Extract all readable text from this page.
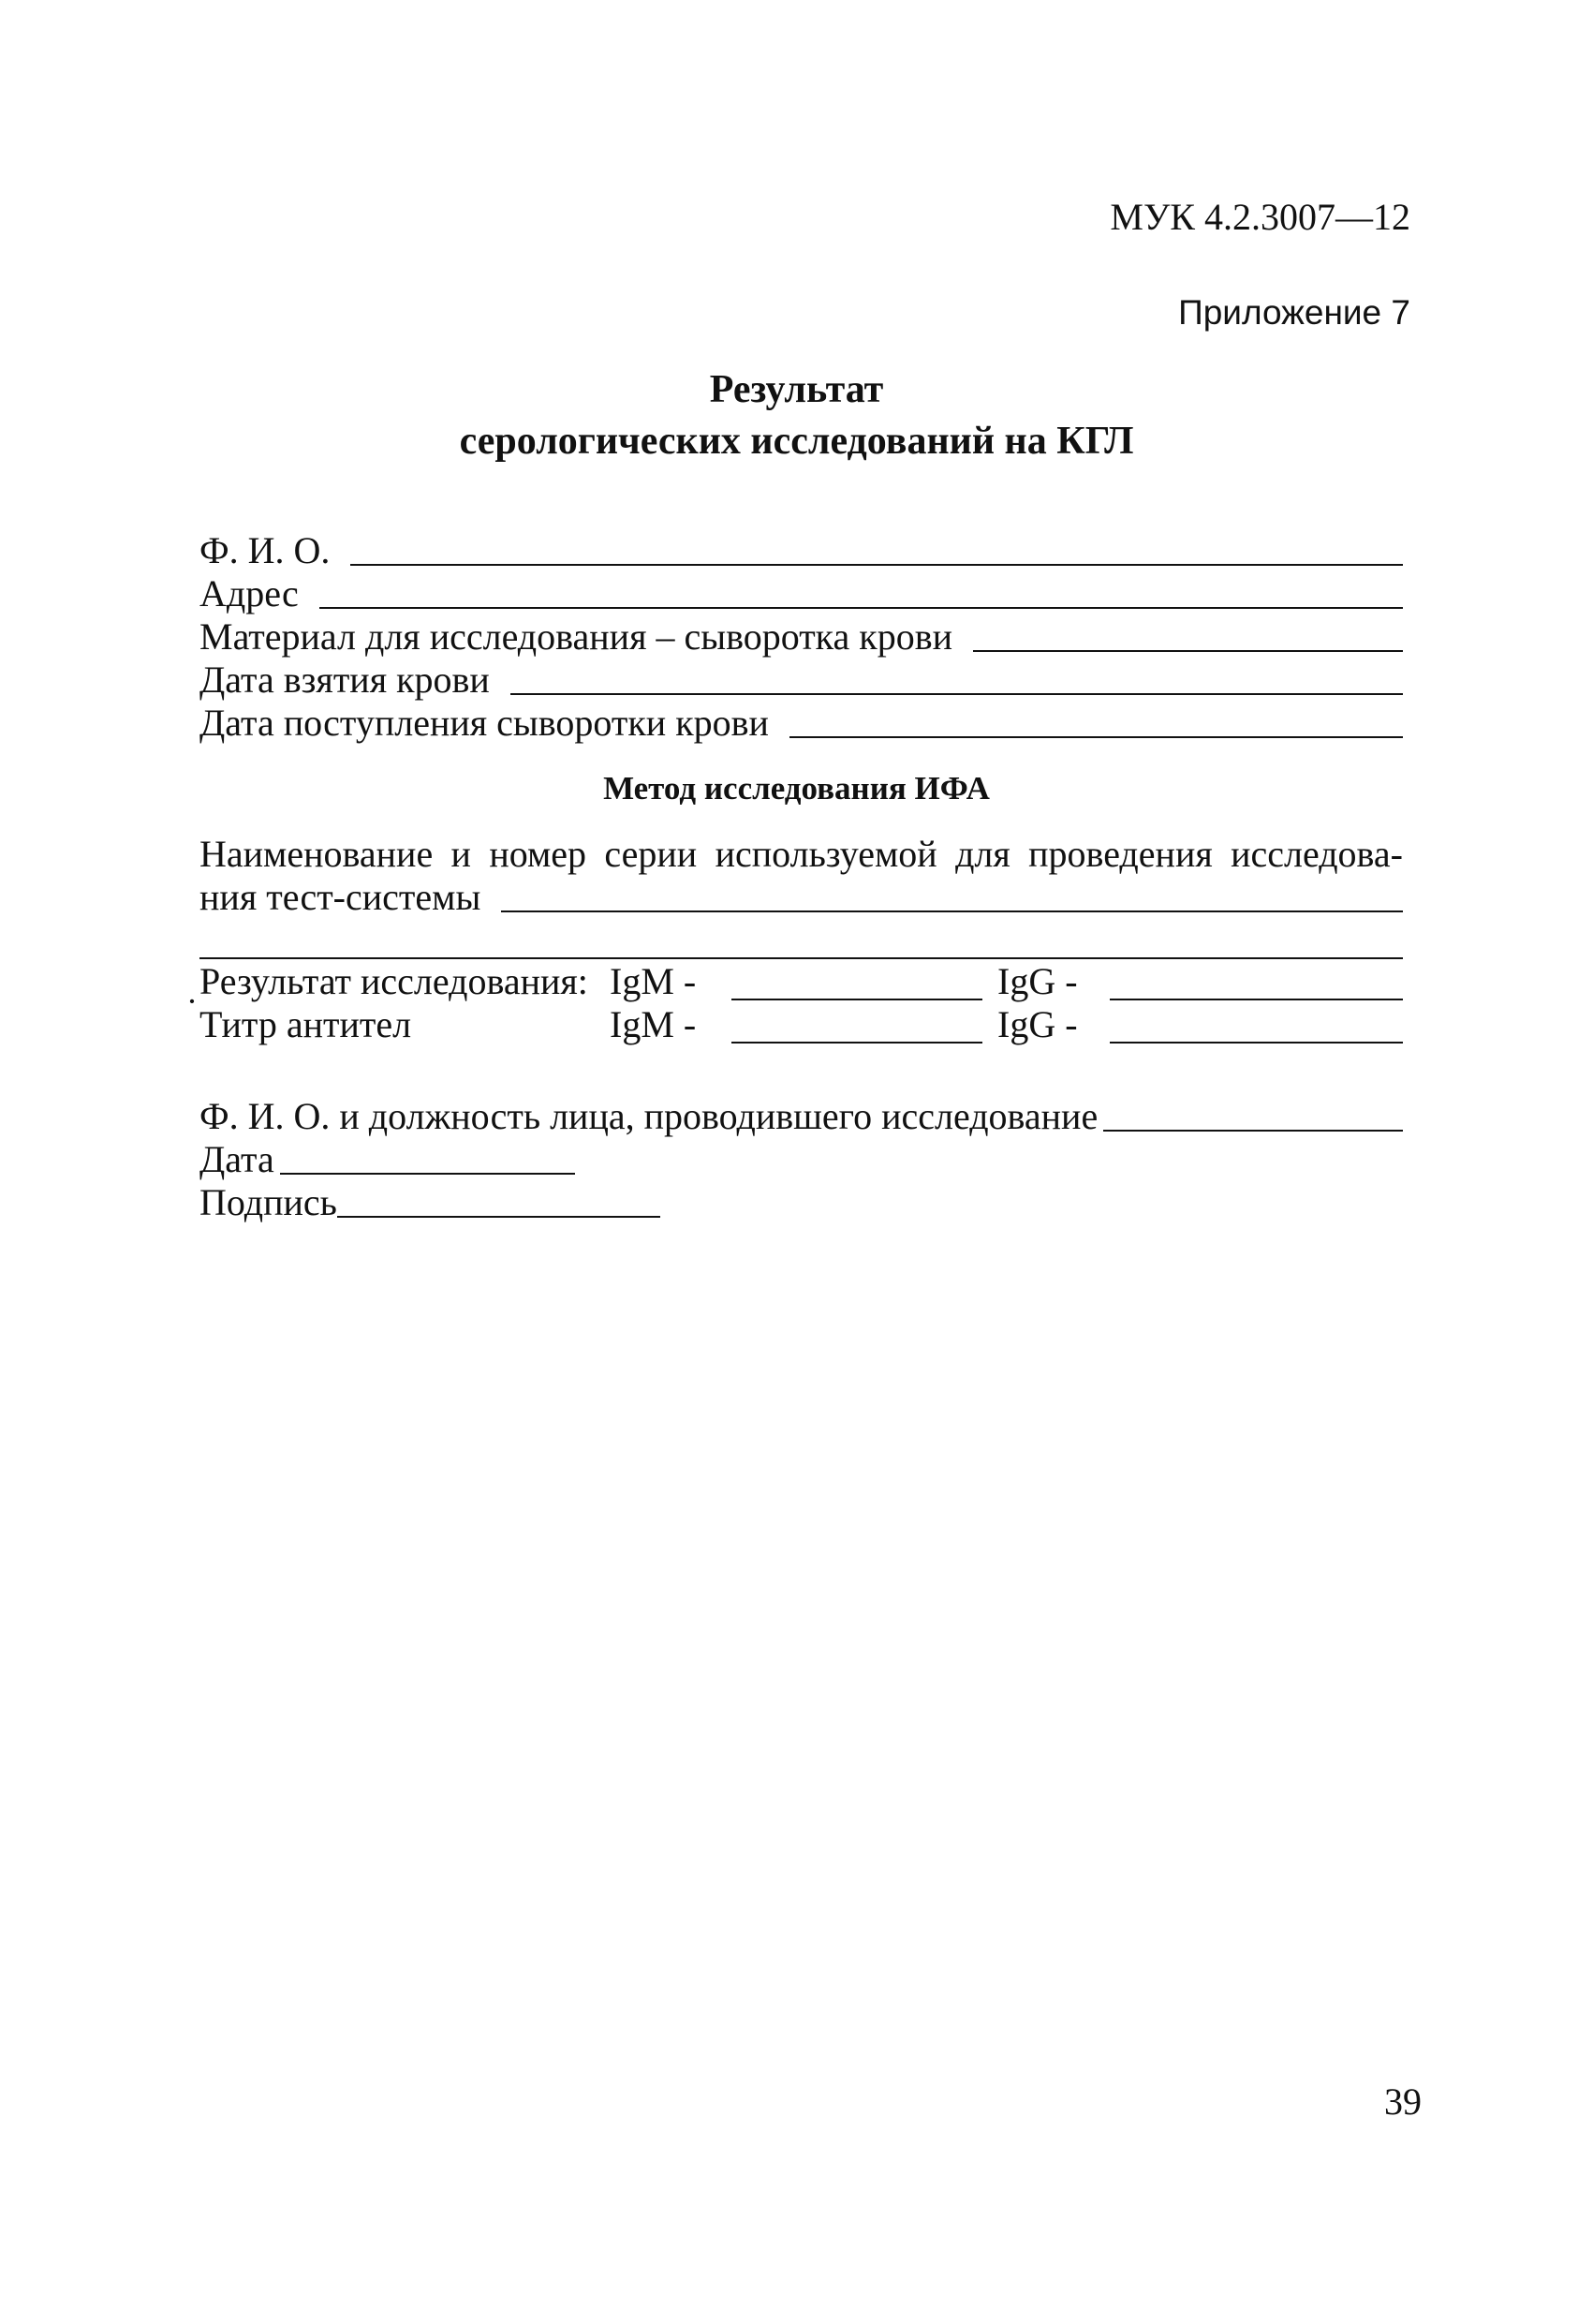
МУК 4.2.3007—12
Приложение 7
Результат
серологических исследований на КГЛ
Ф. И. О.
Адрес
Материал для исследования – сыворотка крови
Дата взятия крови
Дата поступления сыворотки крови
Метод исследования ИФА
Наименование и номер серии используемой для проведения исследова-
ния тест-системы
· Результат исследования: IgM -	IgG -
Титр антител	IgM -	IgG -
Ф. И. О. и должность лица, проводившего исследование
Дата
Подпись
39
